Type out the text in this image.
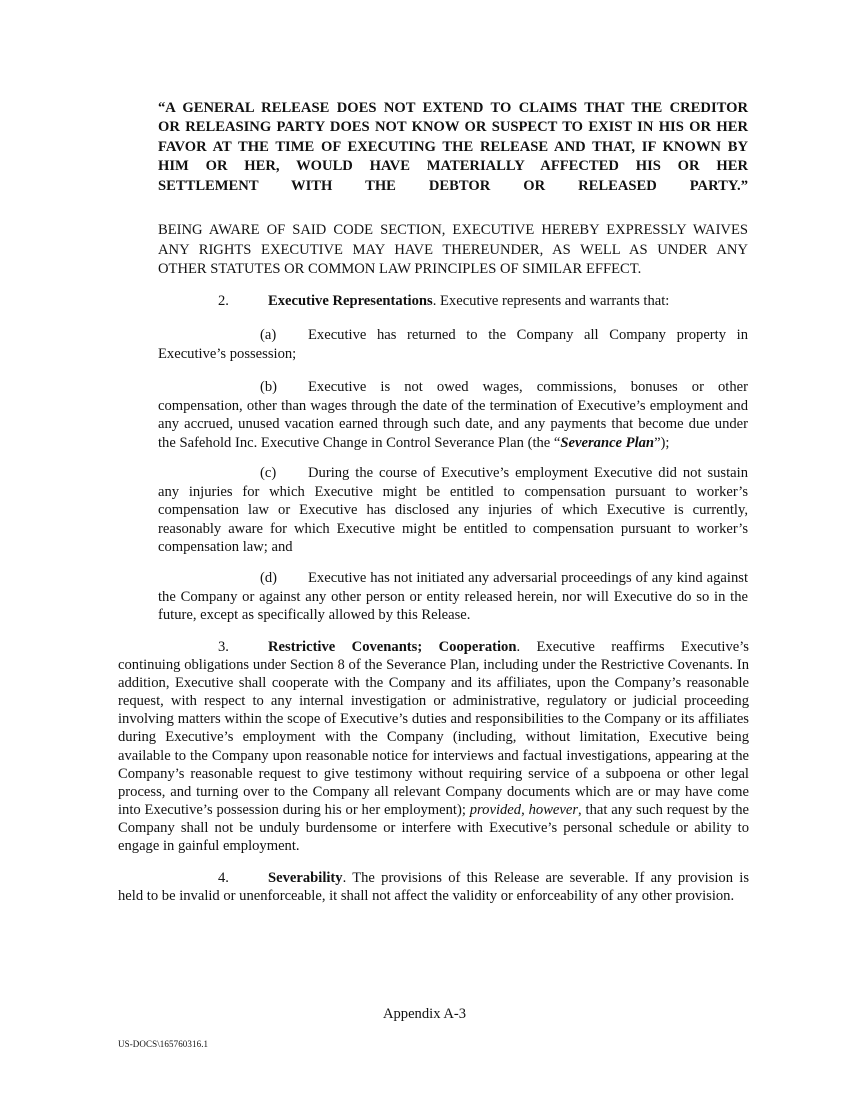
“A GENERAL RELEASE DOES NOT EXTEND TO CLAIMS THAT THE CREDITOR
OR RELEASING PARTY DOES NOT KNOW OR SUSPECT TO EXIST IN HIS OR HER
FAVOR AT THE TIME OF EXECUTING THE RELEASE AND THAT, IF KNOWN BY
HIM OR HER, WOULD HAVE MATERIALLY AFFECTED HIS OR HER
SETTLEMENT WITH THE DEBTOR OR RELEASED PARTY.”
BEING AWARE OF SAID CODE SECTION, EXECUTIVE HEREBY EXPRESSLY WAIVES
ANY RIGHTS EXECUTIVE MAY HAVE THEREUNDER, AS WELL AS UNDER ANY
OTHER STATUTES OR COMMON LAW PRINCIPLES OF SIMILAR EFFECT.
2.	Executive Representations. Executive represents and warrants that:
(a) Executive has returned to the Company all Company property in Executive’s possession;
(b) Executive is not owed wages, commissions, bonuses or other compensation, other than wages through the date of the termination of Executive’s employment and any accrued, unused vacation earned through such date, and any payments that become due under the Safehold Inc. Executive Change in Control Severance Plan (the “Severance Plan”);
(c) During the course of Executive’s employment Executive did not sustain any injuries for which Executive might be entitled to compensation pursuant to worker’s compensation law or Executive has disclosed any injuries of which Executive is currently, reasonably aware for which Executive might be entitled to compensation pursuant to worker’s compensation law; and
(d) Executive has not initiated any adversarial proceedings of any kind against the Company or against any other person or entity released herein, nor will Executive do so in the future, except as specifically allowed by this Release.
3.	Restrictive Covenants; Cooperation. Executive reaffirms Executive’s continuing obligations under Section 8 of the Severance Plan, including under the Restrictive Covenants. In addition, Executive shall cooperate with the Company and its affiliates, upon the Company’s reasonable request, with respect to any internal investigation or administrative, regulatory or judicial proceeding involving matters within the scope of Executive’s duties and responsibilities to the Company or its affiliates during Executive’s employment with the Company (including, without limitation, Executive being available to the Company upon reasonable notice for interviews and factual investigations, appearing at the Company’s reasonable request to give testimony without requiring service of a subpoena or other legal process, and turning over to the Company all relevant Company documents which are or may have come into Executive’s possession during his or her employment); provided, however, that any such request by the Company shall not be unduly burdensome or interfere with Executive’s personal schedule or ability to engage in gainful employment.
4.	Severability. The provisions of this Release are severable. If any provision is held to be invalid or unenforceable, it shall not affect the validity or enforceability of any other provision.
Appendix A-3
US-DOCS\165760316.1
